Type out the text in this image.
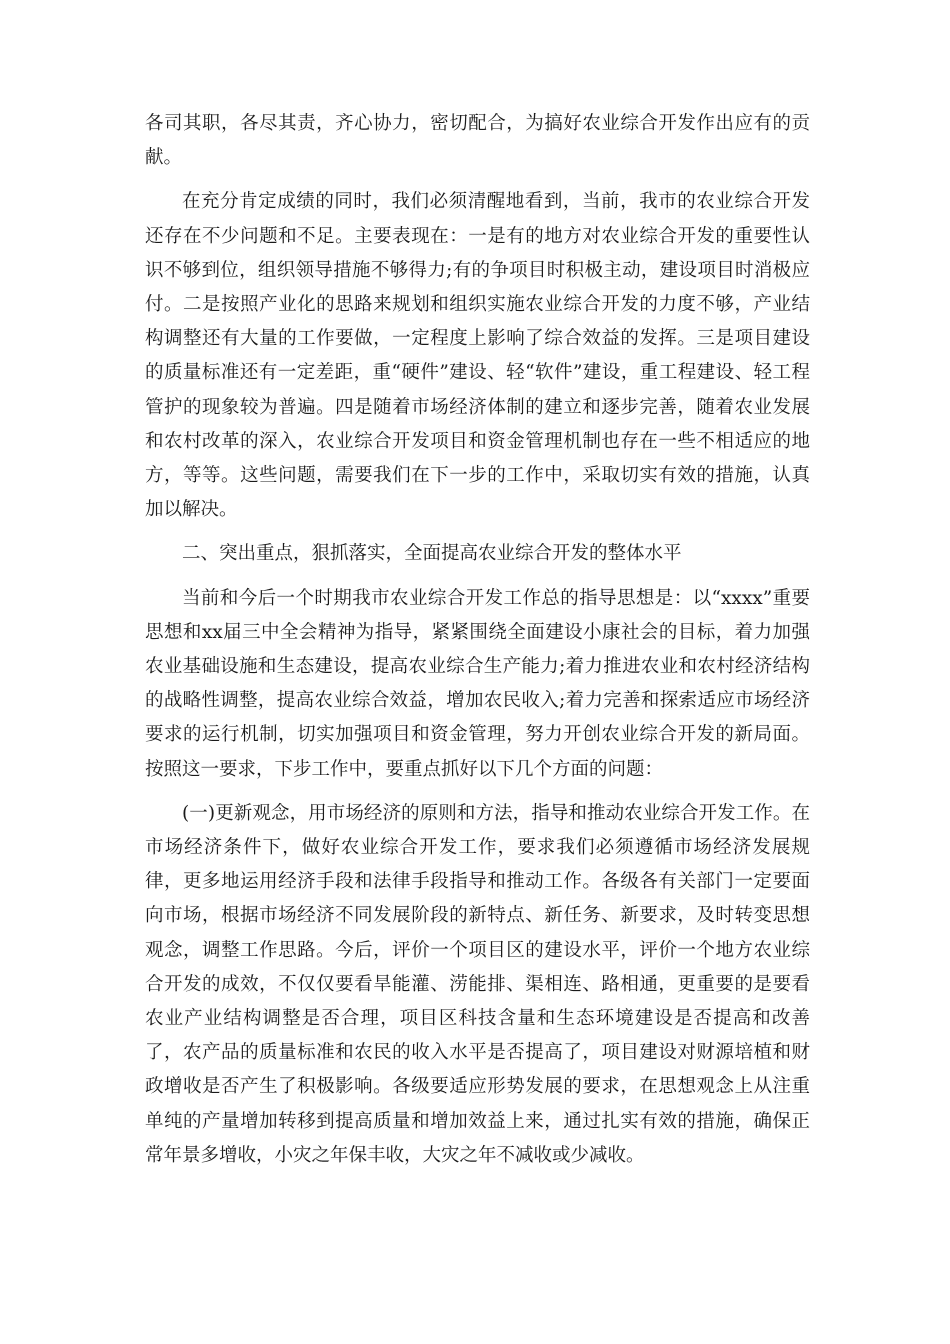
各司其职，各尽其责，齐心协力，密切配合，为搞好农业综合开发作出应有的贡献。

在充分肯定成绩的同时，我们必须清醒地看到，当前，我市的农业综合开发还存在不少问题和不足。主要表现在：一是有的地方对农业综合开发的重要性认识不够到位，组织领导措施不够得力;有的争项目时积极主动，建设项目时消极应付。二是按照产业化的思路来规划和组织实施农业综合开发的力度不够，产业结构调整还有大量的工作要做，一定程度上影响了综合效益的发挥。三是项目建设的质量标准还有一定差距，重“硬件”建设、轻“软件”建设，重工程建设、轻工程管护的现象较为普遍。四是随着市场经济体制的建立和逐步完善，随着农业发展和农村改革的深入，农业综合开发项目和资金管理机制也存在一些不相适应的地方，等等。这些问题，需要我们在下一步的工作中，采取切实有效的措施，认真加以解决。

二、突出重点，狠抓落实，全面提高农业综合开发的整体水平

当前和今后一个时期我市农业综合开发工作总的指导思想是：以“xxxx”重要思想和xx届三中全会精神为指导，紧紧围绕全面建设小康社会的目标，着力加强农业基础设施和生态建设，提高农业综合生产能力;着力推进农业和农村经济结构的战略性调整，提高农业综合效益，增加农民收入;着力完善和探索适应市场经济要求的运行机制，切实加强项目和资金管理，努力开创农业综合开发的新局面。按照这一要求，下步工作中，要重点抓好以下几个方面的问题：

(一)更新观念，用市场经济的原则和方法，指导和推动农业综合开发工作。在市场经济条件下，做好农业综合开发工作，要求我们必须遵循市场经济发展规律，更多地运用经济手段和法律手段指导和推动工作。各级各有关部门一定要面向市场，根据市场经济不同发展阶段的新特点、新任务、新要求，及时转变思想观念，调整工作思路。今后，评价一个项目区的建设水平，评价一个地方农业综合开发的成效，不仅仅要看旱能灌、涝能排、渠相连、路相通，更重要的是要看农业产业结构调整是否合理，项目区科技含量和生态环境建设是否提高和改善了，农产品的质量标准和农民的收入水平是否提高了，项目建设对财源培植和财政增收是否产生了积极影响。各级要适应形势发展的要求，在思想观念上从注重单纯的产量增加转移到提高质量和增加效益上来，通过扎实有效的措施，确保正常年景多增收，小灾之年保丰收，大灾之年不减收或少减收。
